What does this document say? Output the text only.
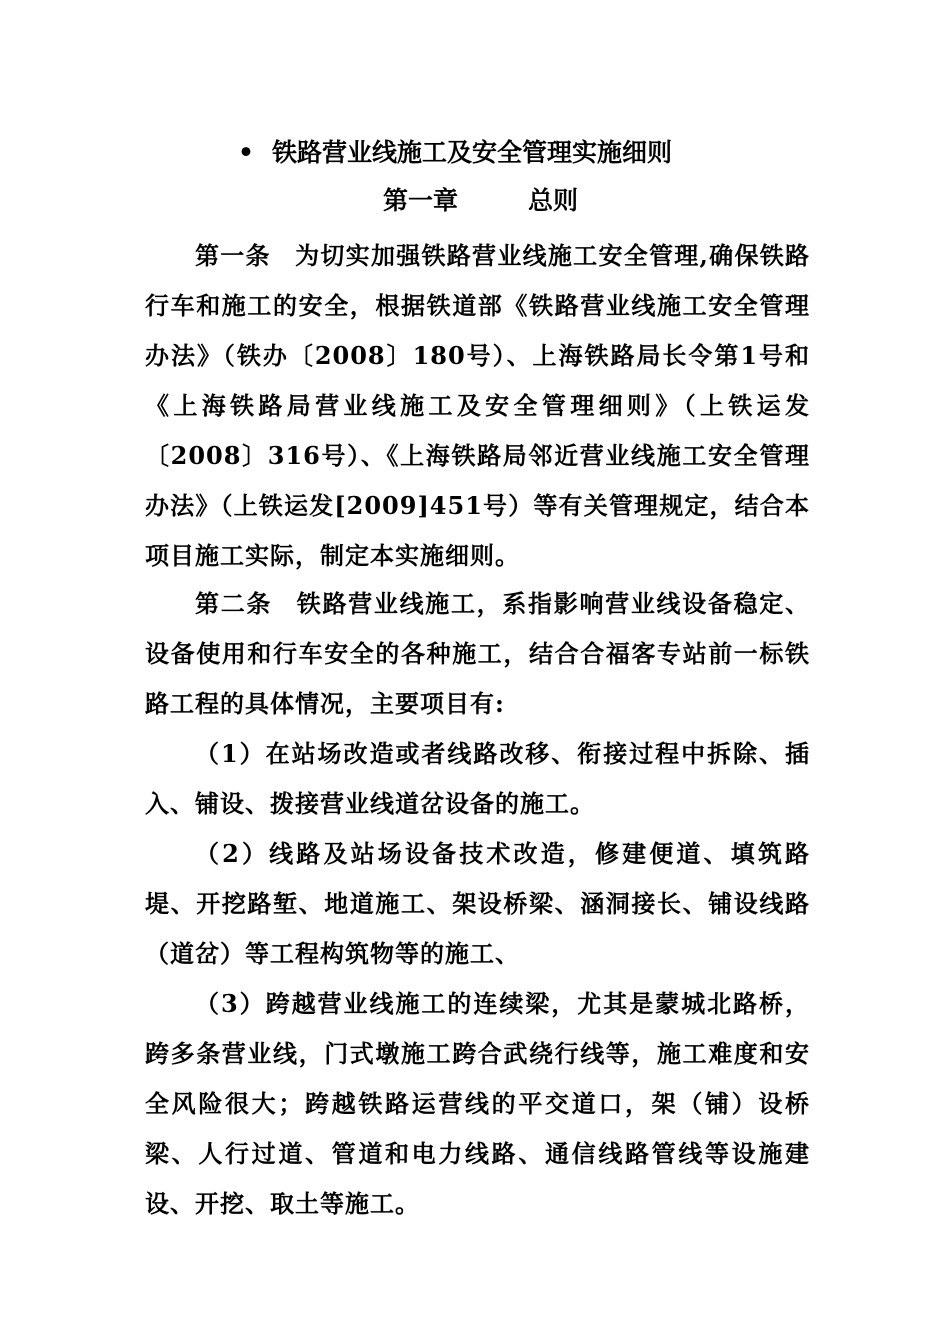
• 铁路营业线施工及安全管理实施细则
第一章	总则

第一条 为切实加强铁路营业线施工安全管理,确保铁路行车和施工的安全，根据铁道部《铁路营业线施工安全管理办法》（铁办〔2008〕180号）、上海铁路局长令第1号和《上海铁路局营业线施工及安全管理细则》（上铁运发〔2008〕316号）、《上海铁路局邻近营业线施工安全管理办法》（上铁运发[2009]451号）等有关管理规定，结合本项目施工实际，制定本实施细则。

第二条 铁路营业线施工，系指影响营业线设备稳定、设备使用和行车安全的各种施工，结合合福客专站前一标铁路工程的具体情况，主要项目有:

（1）在站场改造或者线路改移、衔接过程中拆除、插入、铺设、拨接营业线道岔设备的施工。

（2）线路及站场设备技术改造，修建便道、填筑路堤、开挖路堑、地道施工、架设桥梁、涵洞接长、铺设线路（道岔）等工程构筑物等的施工、

（3）跨越营业线施工的连续梁，尤其是蒙城北路桥，跨多条营业线，门式墩施工跨合武绕行线等，施工难度和安全风险很大；跨越铁路运营线的平交道口，架（铺）设桥梁、人行过道、管道和电力线路、通信线路管线等设施建设、开挖、取土等施工。
